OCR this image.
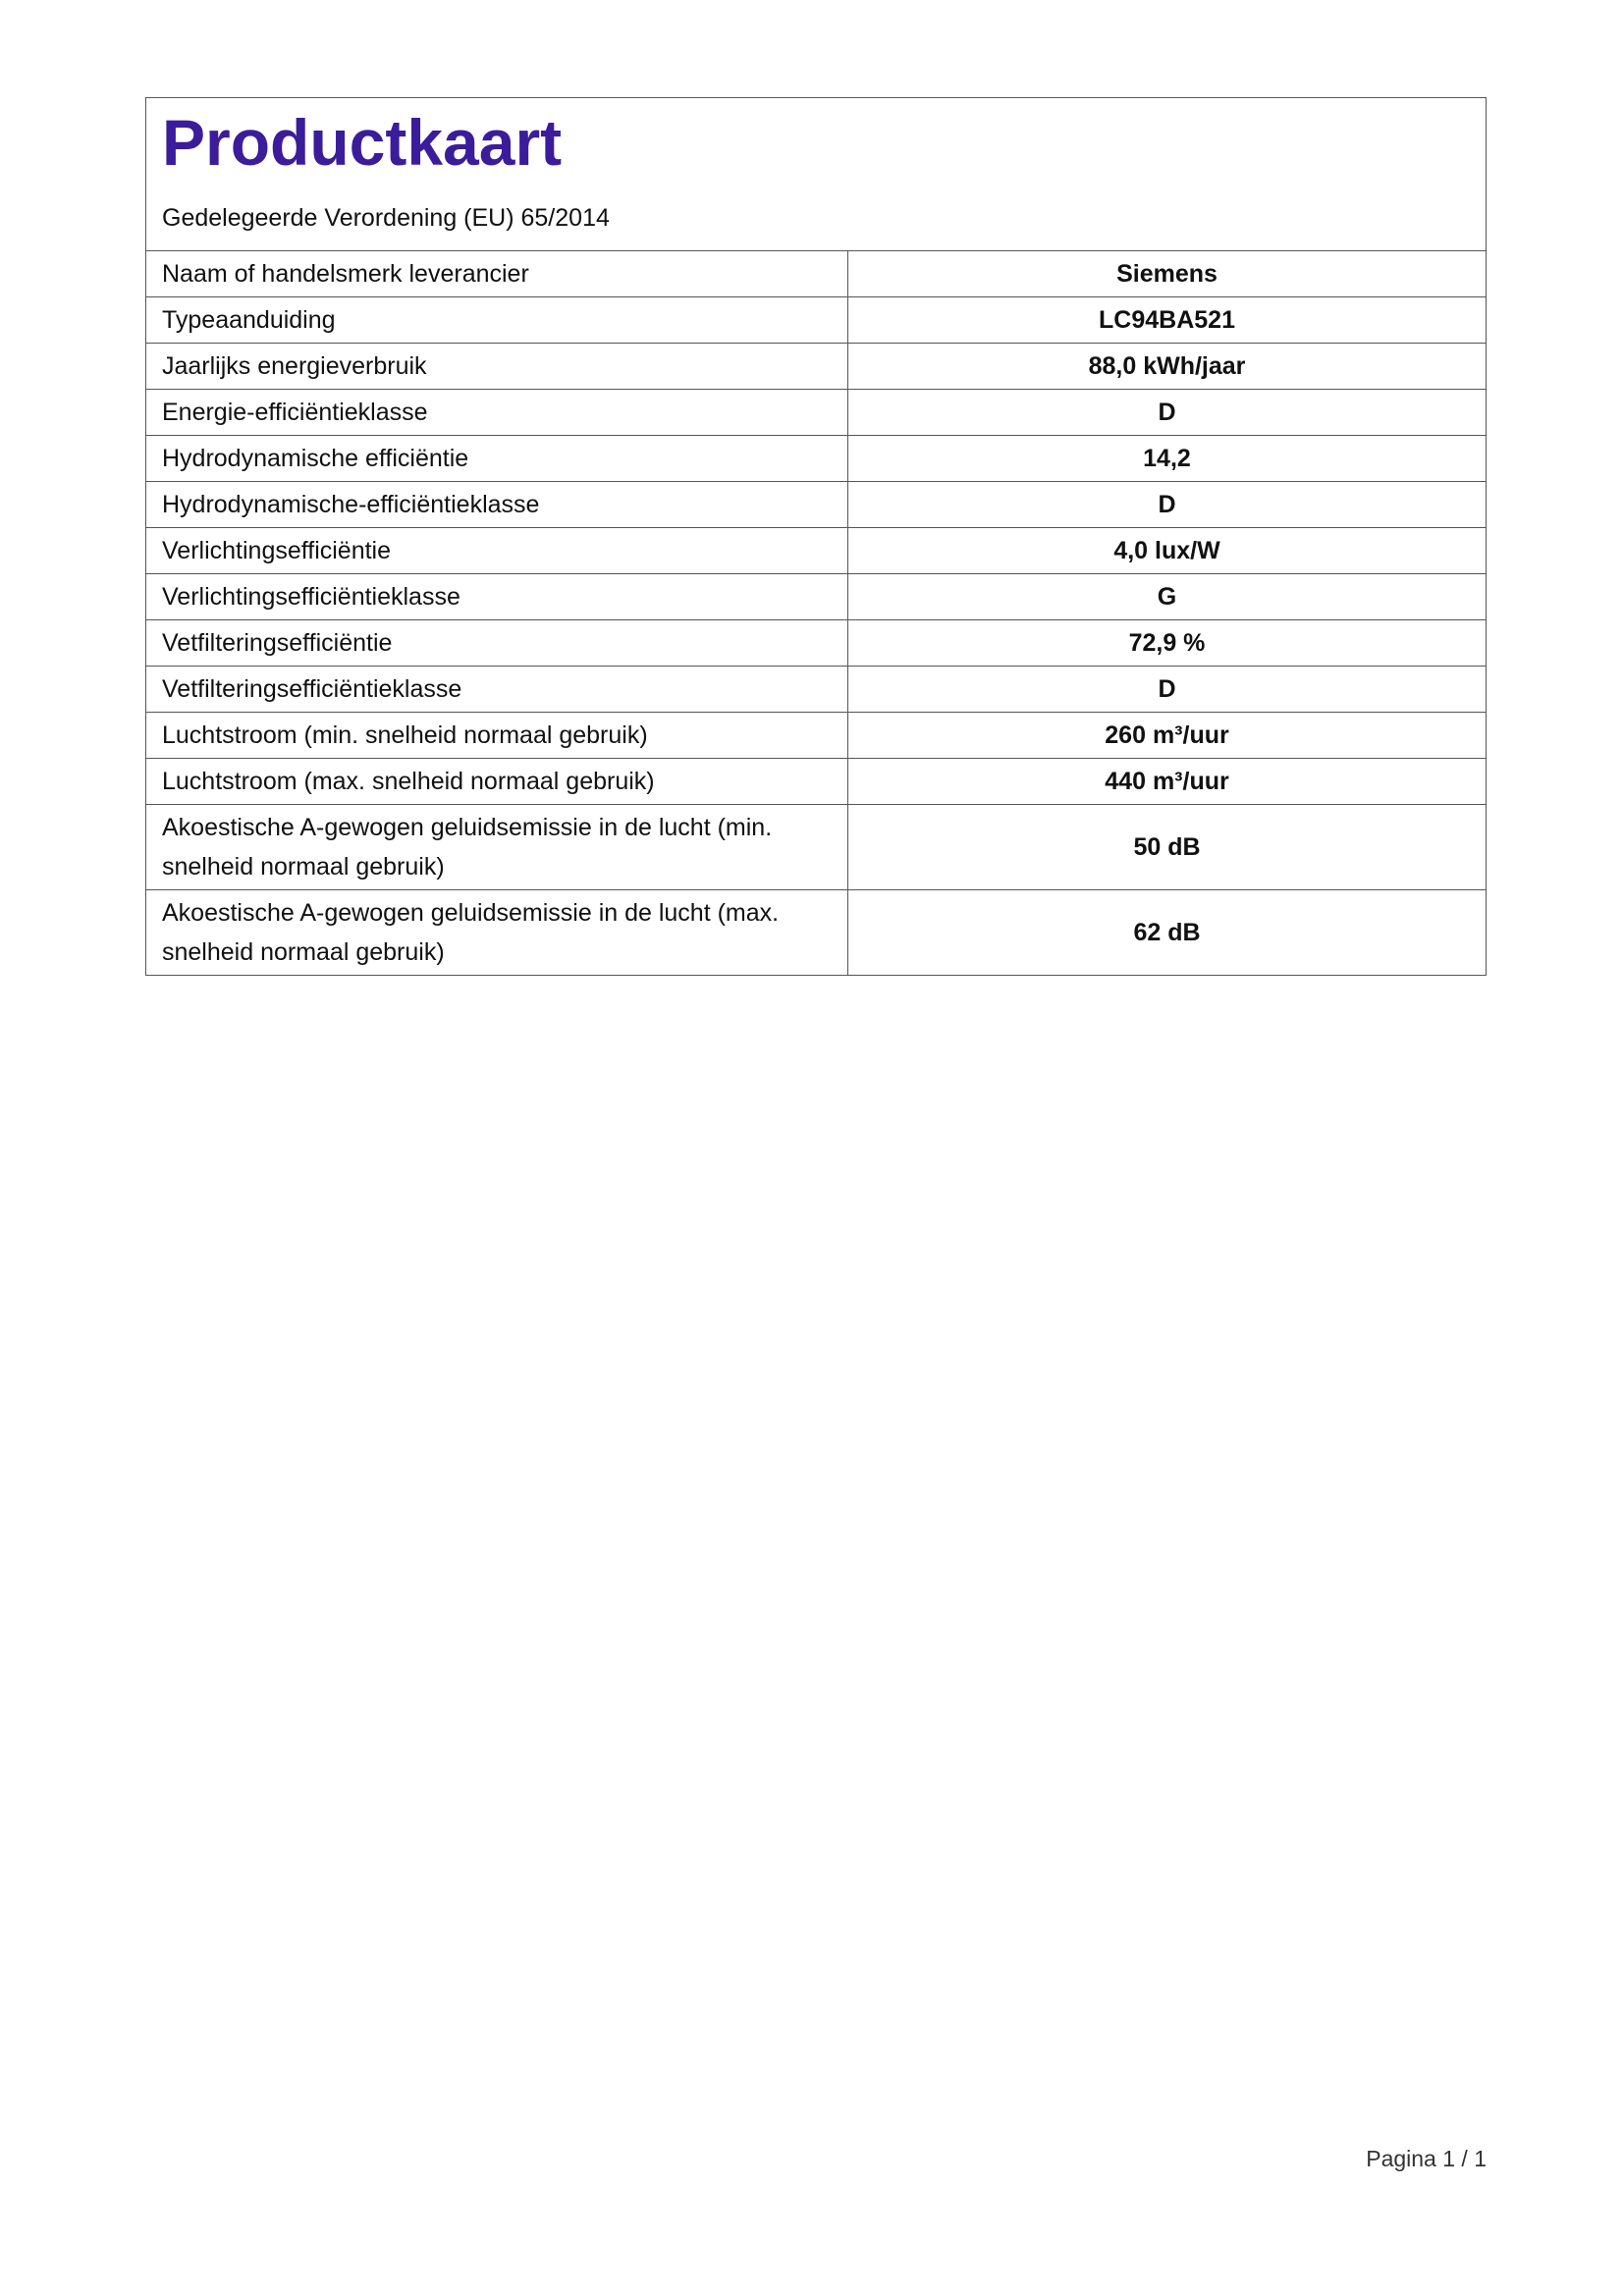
Productkaart
Gedelegeerde Verordening (EU) 65/2014
Naam of handelsmerk leverancier	Siemens
Typeaanduiding	LC94BA521
Jaarlijks energieverbruik	88,0 kWh/jaar
Energie-efficiëntieklasse	D
Hydrodynamische efficiëntie	14,2
Hydrodynamische-efficiëntieklasse	D
Verlichtingsefficiëntie	4,0 lux/W
Verlichtingsefficiëntieklasse	G
Vetfilteringsefficiëntie	72,9 %
Vetfilteringsefficiëntieklasse	D
Luchtstroom (min. snelheid normaal gebruik)	260 m³/uur
Luchtstroom (max. snelheid normaal gebruik)	440 m³/uur
Akoestische A-gewogen geluidsemissie in de lucht (min. snelheid normaal gebruik)	50 dB
Akoestische A-gewogen geluidsemissie in de lucht (max. snelheid normaal gebruik)	62 dB
Pagina 1 / 1
